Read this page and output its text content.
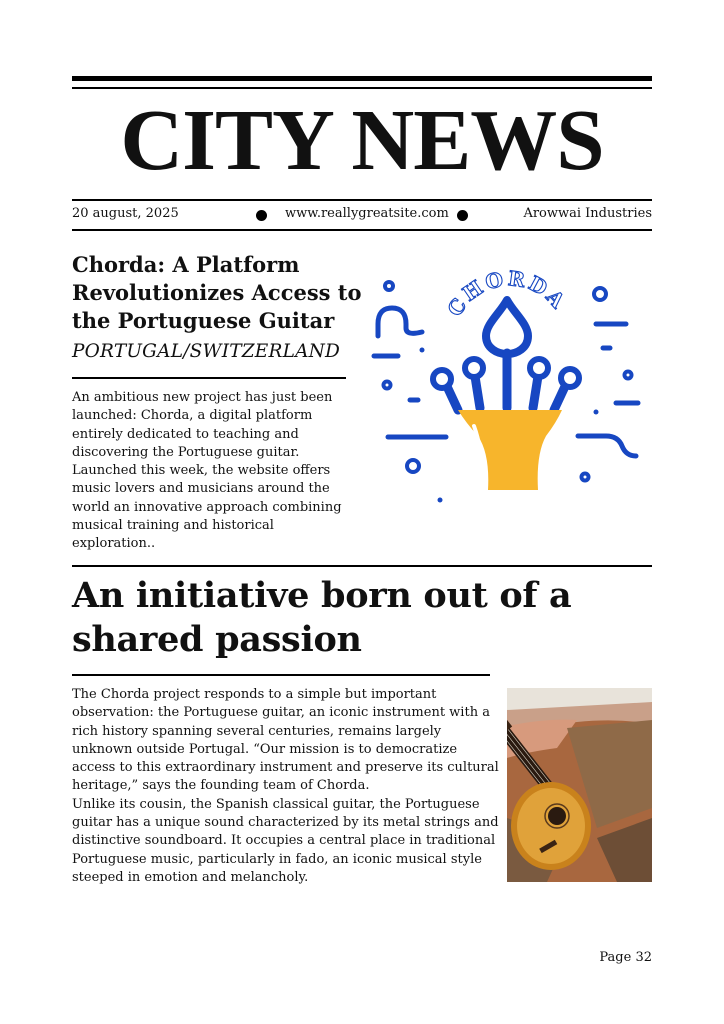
CITY NEWS
20 august, 2025	www.reallygreatsite.com	Arowwai Industries
Chorda: A Platform Revolutionizes Access to the Portuguese Guitar
PORTUGAL/SWITZERLAND
An ambitious new project has just been launched: Chorda, a digital platform entirely dedicated to teaching and discovering the Portuguese guitar. Launched this week, the website offers music lovers and musicians around the world an innovative approach combining musical training and historical exploration..
CHORDA
An initiative born out of a shared passion

The Chorda project responds to a simple but important observation: the Portuguese guitar, an iconic instrument with a rich history spanning several centuries, remains largely unknown outside Portugal. “Our mission is to democratize access to this extraordinary instrument and preserve its cultural heritage,” says the founding team of Chorda.

Unlike its cousin, the Spanish classical guitar, the Portuguese guitar has a unique sound characterized by its metal strings and distinctive soundboard. It occupies a central place in traditional Portuguese music, particularly in fado, an iconic musical style steeped in emotion and melancholy.

Page 32
